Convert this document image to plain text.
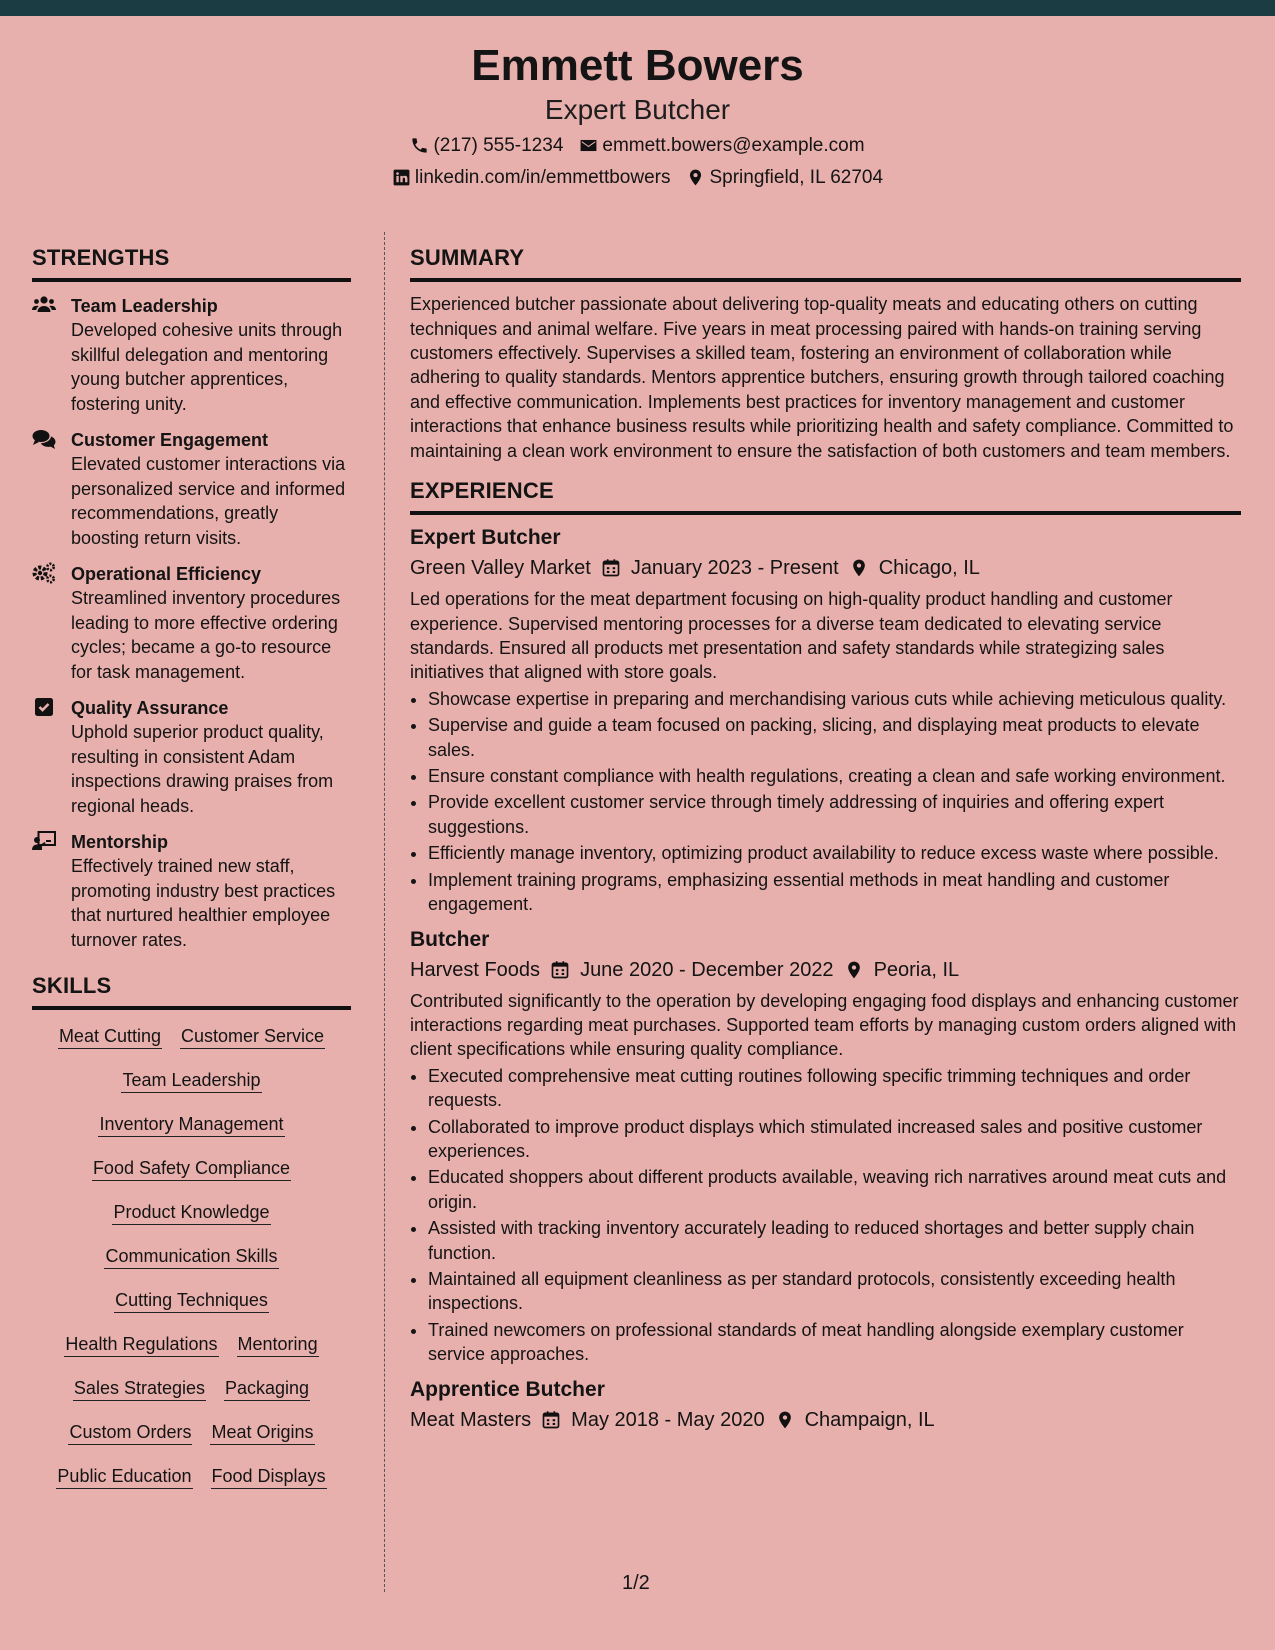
Emmett Bowers
Expert Butcher
(217) 555-1234 emmett.bowers@example.com
linkedin.com/in/emmettbowers Springfield, IL 62704
STRENGTHS
Team Leadership
Developed cohesive units through skillful delegation and mentoring young butcher apprentices, fostering unity.
Customer Engagement
Elevated customer interactions via personalized service and informed recommendations, greatly boosting return visits.
Operational Efficiency
Streamlined inventory procedures leading to more effective ordering cycles; became a go-to resource for task management.
Quality Assurance
Uphold superior product quality, resulting in consistent Adam inspections drawing praises from regional heads.
Mentorship
Effectively trained new staff, promoting industry best practices that nurtured healthier employee turnover rates.
SKILLS
Meat Cutting Customer Service
Team Leadership
Inventory Management
Food Safety Compliance
Product Knowledge
Communication Skills
Cutting Techniques
Health Regulations Mentoring
Sales Strategies Packaging
Custom Orders Meat Origins
Public Education Food Displays
SUMMARY
Experienced butcher passionate about delivering top-quality meats and educating others on cutting techniques and animal welfare. Five years in meat processing paired with hands-on training serving customers effectively. Supervises a skilled team, fostering an environment of collaboration while adhering to quality standards. Mentors apprentice butchers, ensuring growth through tailored coaching and effective communication. Implements best practices for inventory management and customer interactions that enhance business results while prioritizing health and safety compliance. Committed to maintaining a clean work environment to ensure the satisfaction of both customers and team members.
EXPERIENCE
Expert Butcher
Green Valley Market January 2023 - Present Chicago, IL
Led operations for the meat department focusing on high-quality product handling and customer experience. Supervised mentoring processes for a diverse team dedicated to elevating service standards. Ensured all products met presentation and safety standards while strategizing sales initiatives that aligned with store goals.
• Showcase expertise in preparing and merchandising various cuts while achieving meticulous quality.
• Supervise and guide a team focused on packing, slicing, and displaying meat products to elevate sales.
• Ensure constant compliance with health regulations, creating a clean and safe working environment.
• Provide excellent customer service through timely addressing of inquiries and offering expert suggestions.
• Efficiently manage inventory, optimizing product availability to reduce excess waste where possible.
• Implement training programs, emphasizing essential methods in meat handling and customer engagement.
Butcher
Harvest Foods June 2020 - December 2022 Peoria, IL
Contributed significantly to the operation by developing engaging food displays and enhancing customer interactions regarding meat purchases. Supported team efforts by managing custom orders aligned with client specifications while ensuring quality compliance.
• Executed comprehensive meat cutting routines following specific trimming techniques and order requests.
• Collaborated to improve product displays which stimulated increased sales and positive customer experiences.
• Educated shoppers about different products available, weaving rich narratives around meat cuts and origin.
• Assisted with tracking inventory accurately leading to reduced shortages and better supply chain function.
• Maintained all equipment cleanliness as per standard protocols, consistently exceeding health inspections.
• Trained newcomers on professional standards of meat handling alongside exemplary customer service approaches.
Apprentice Butcher
Meat Masters May 2018 - May 2020 Champaign, IL
1/2
